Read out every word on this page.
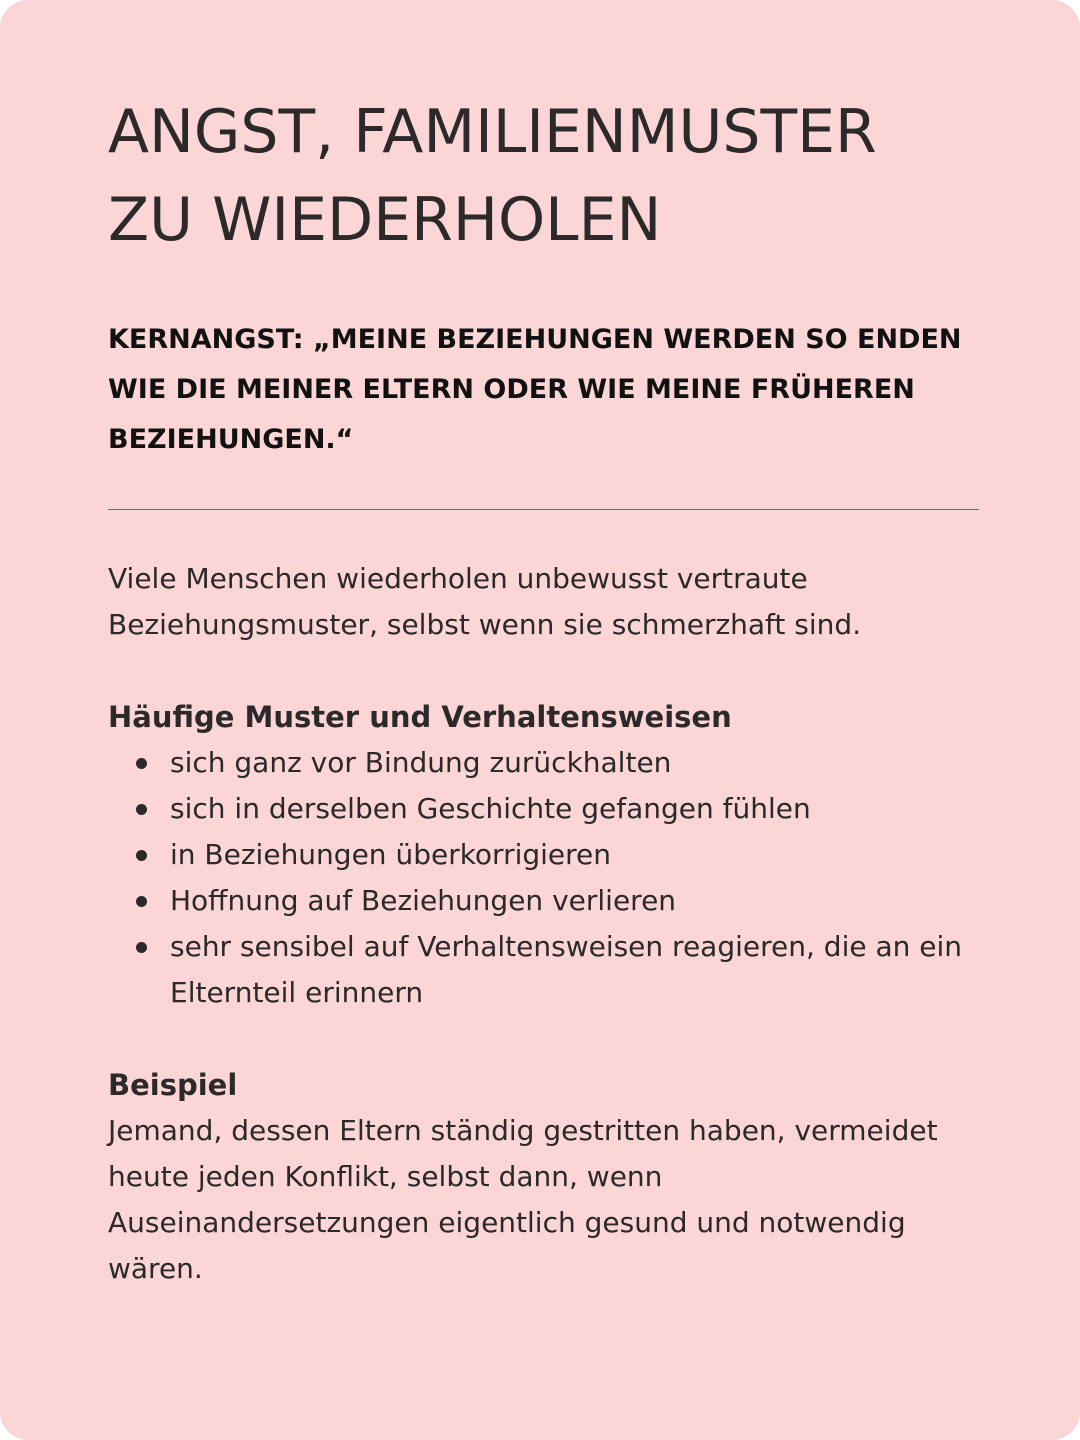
ANGST, FAMILIENMUSTER
ZU WIEDERHOLEN

KERNANGST: „MEINE BEZIEHUNGEN WERDEN SO ENDEN WIE DIE MEINER ELTERN ODER WIE MEINE FRÜHEREN BEZIEHUNGEN.“

Viele Menschen wiederholen unbewusst vertraute Beziehungsmuster, selbst wenn sie schmerzhaft sind.

Häufige Muster und Verhaltensweisen
sich ganz vor Bindung zurückhalten
sich in derselben Geschichte gefangen fühlen
in Beziehungen überkorrigieren
Hoffnung auf Beziehungen verlieren
sehr sensibel auf Verhaltensweisen reagieren, die an ein Elternteil erinnern
Beispiel

Jemand, dessen Eltern ständig gestritten haben, vermeidet heute jeden Konflikt, selbst dann, wenn Auseinandersetzungen eigentlich gesund und notwendig wären.
